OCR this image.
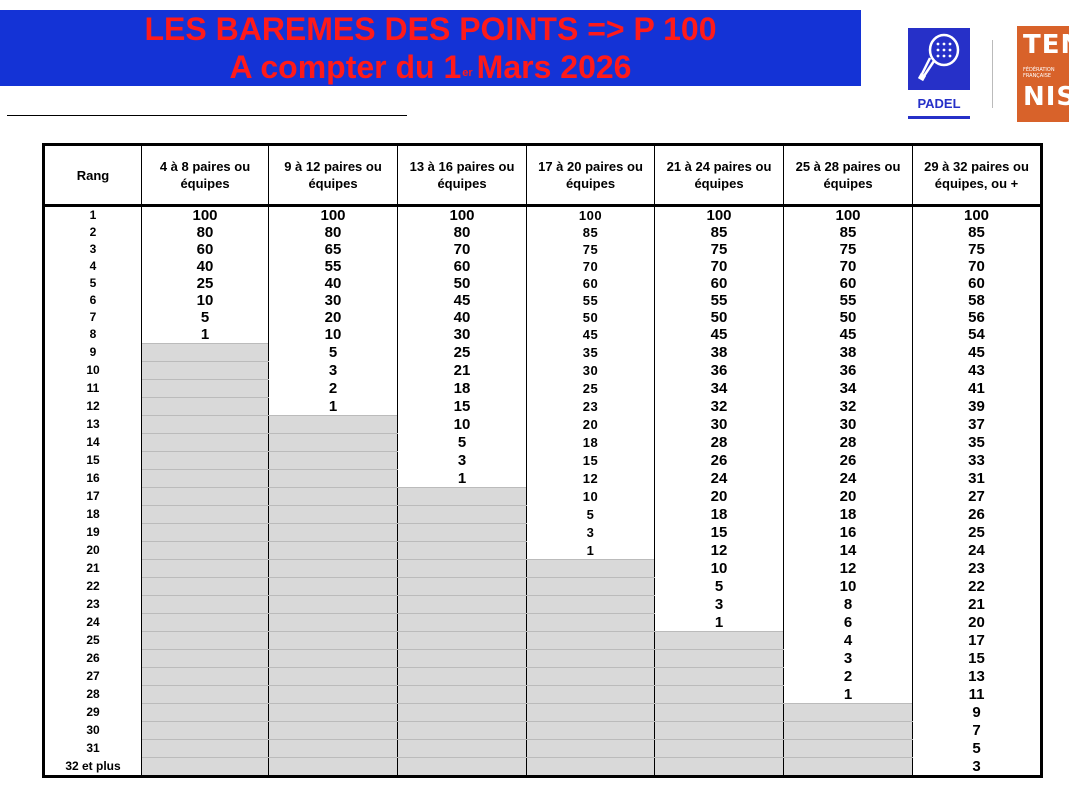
LES BAREMES DES POINTS => P 100
A compter du 1er Mars 2026
PADEL
TEN
FÉDÉRATION FRANÇAISE
NIS
Rang	4 à 8 paires ou équipes	9 à 12 paires ou équipes	13 à 16 paires ou équipes	17 à 20 paires ou équipes	21 à 24 paires ou équipes	25 à 28 paires ou équipes	29 à 32 paires ou équipes, ou +
1	100	100	100	100	100	100	100
2	80	80	80	85	85	85	85
3	60	65	70	75	75	75	75
4	40	55	60	70	70	70	70
5	25	40	50	60	60	60	60
6	10	30	45	55	55	55	58
7	5	20	40	50	50	50	56
8	1	10	30	45	45	45	54
9		5	25	35	38	38	45
10		3	21	30	36	36	43
11		2	18	25	34	34	41
12		1	15	23	32	32	39
13			10	20	30	30	37
14			5	18	28	28	35
15			3	15	26	26	33
16			1	12	24	24	31
17				10	20	20	27
18				5	18	18	26
19				3	15	16	25
20				1	12	14	24
21					10	12	23
22					5	10	22
23					3	8	21
24					1	6	20
25						4	17
26						3	15
27						2	13
28						1	11
29							9
30							7
31							5
32 et plus							3
